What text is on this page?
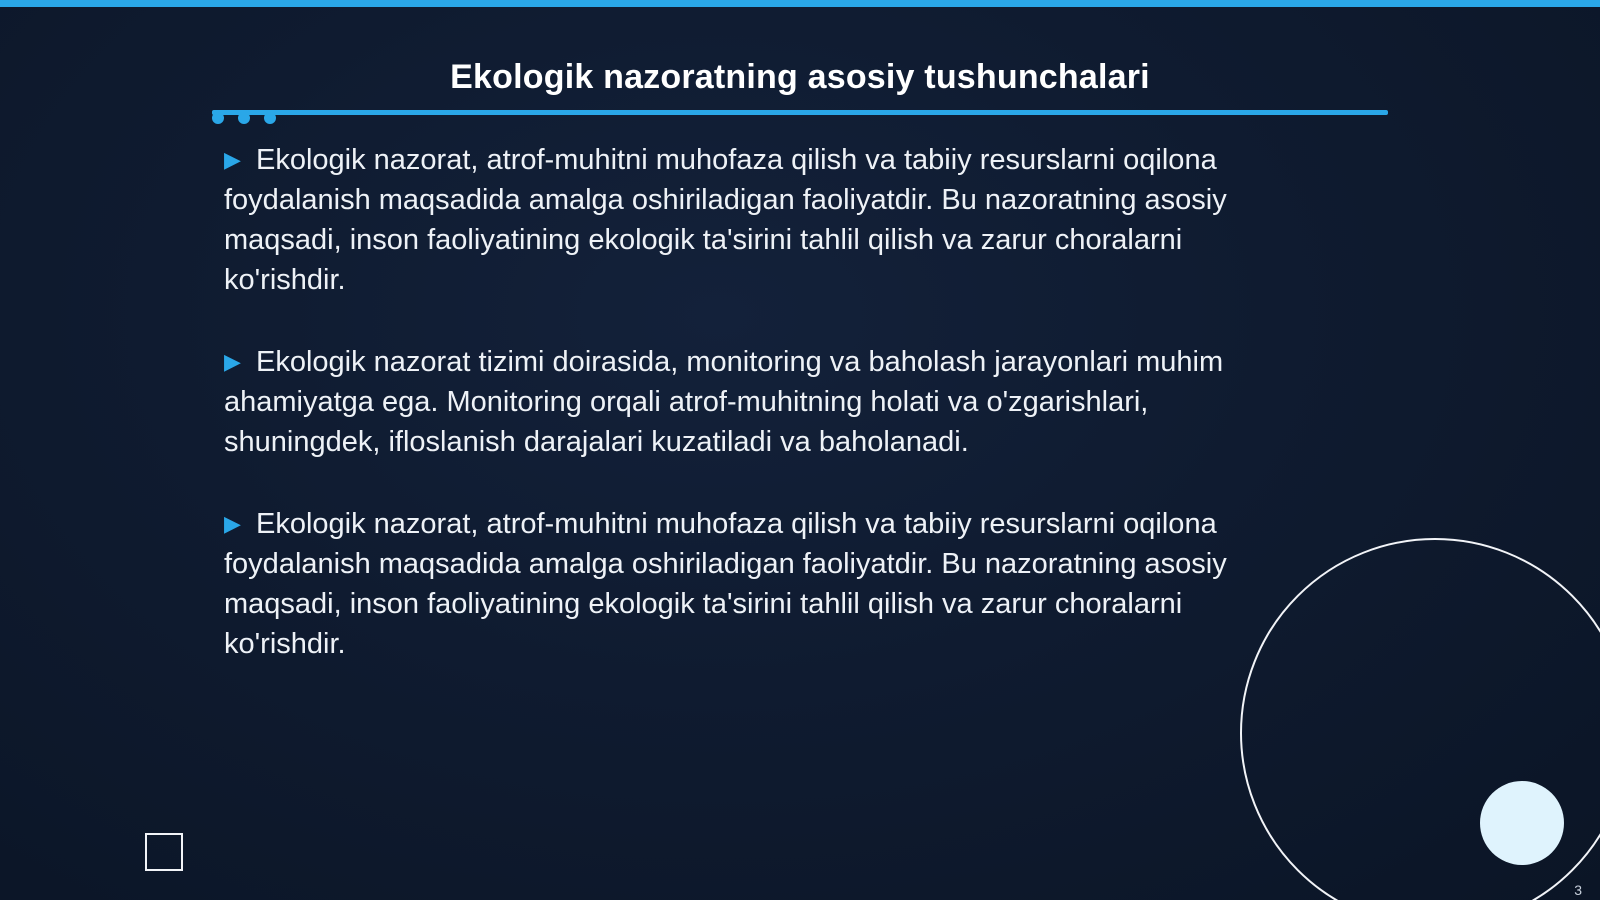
Ekologik nazoratning asosiy tushunchalari

▶ Ekologik nazorat, atrof-muhitni muhofaza qilish va tabiiy resurslarni oqilona foydalanish maqsadida amalga oshiriladigan faoliyatdir. Bu nazoratning asosiy maqsadi, inson faoliyatining ekologik ta'sirini tahlil qilish va zarur choralarni ko'rishdir.

▶ Ekologik nazorat tizimi doirasida, monitoring va baholash jarayonlari muhim ahamiyatga ega. Monitoring orqali atrof-muhitning holati va o'zgarishlari, shuningdek, ifloslanish darajalari kuzatiladi va baholanadi.

▶ Ekologik nazorat, atrof-muhitni muhofaza qilish va tabiiy resurslarni oqilona foydalanish maqsadida amalga oshiriladigan faoliyatdir. Bu nazoratning asosiy maqsadi, inson faoliyatining ekologik ta'sirini tahlil qilish va zarur choralarni ko'rishdir.

3
